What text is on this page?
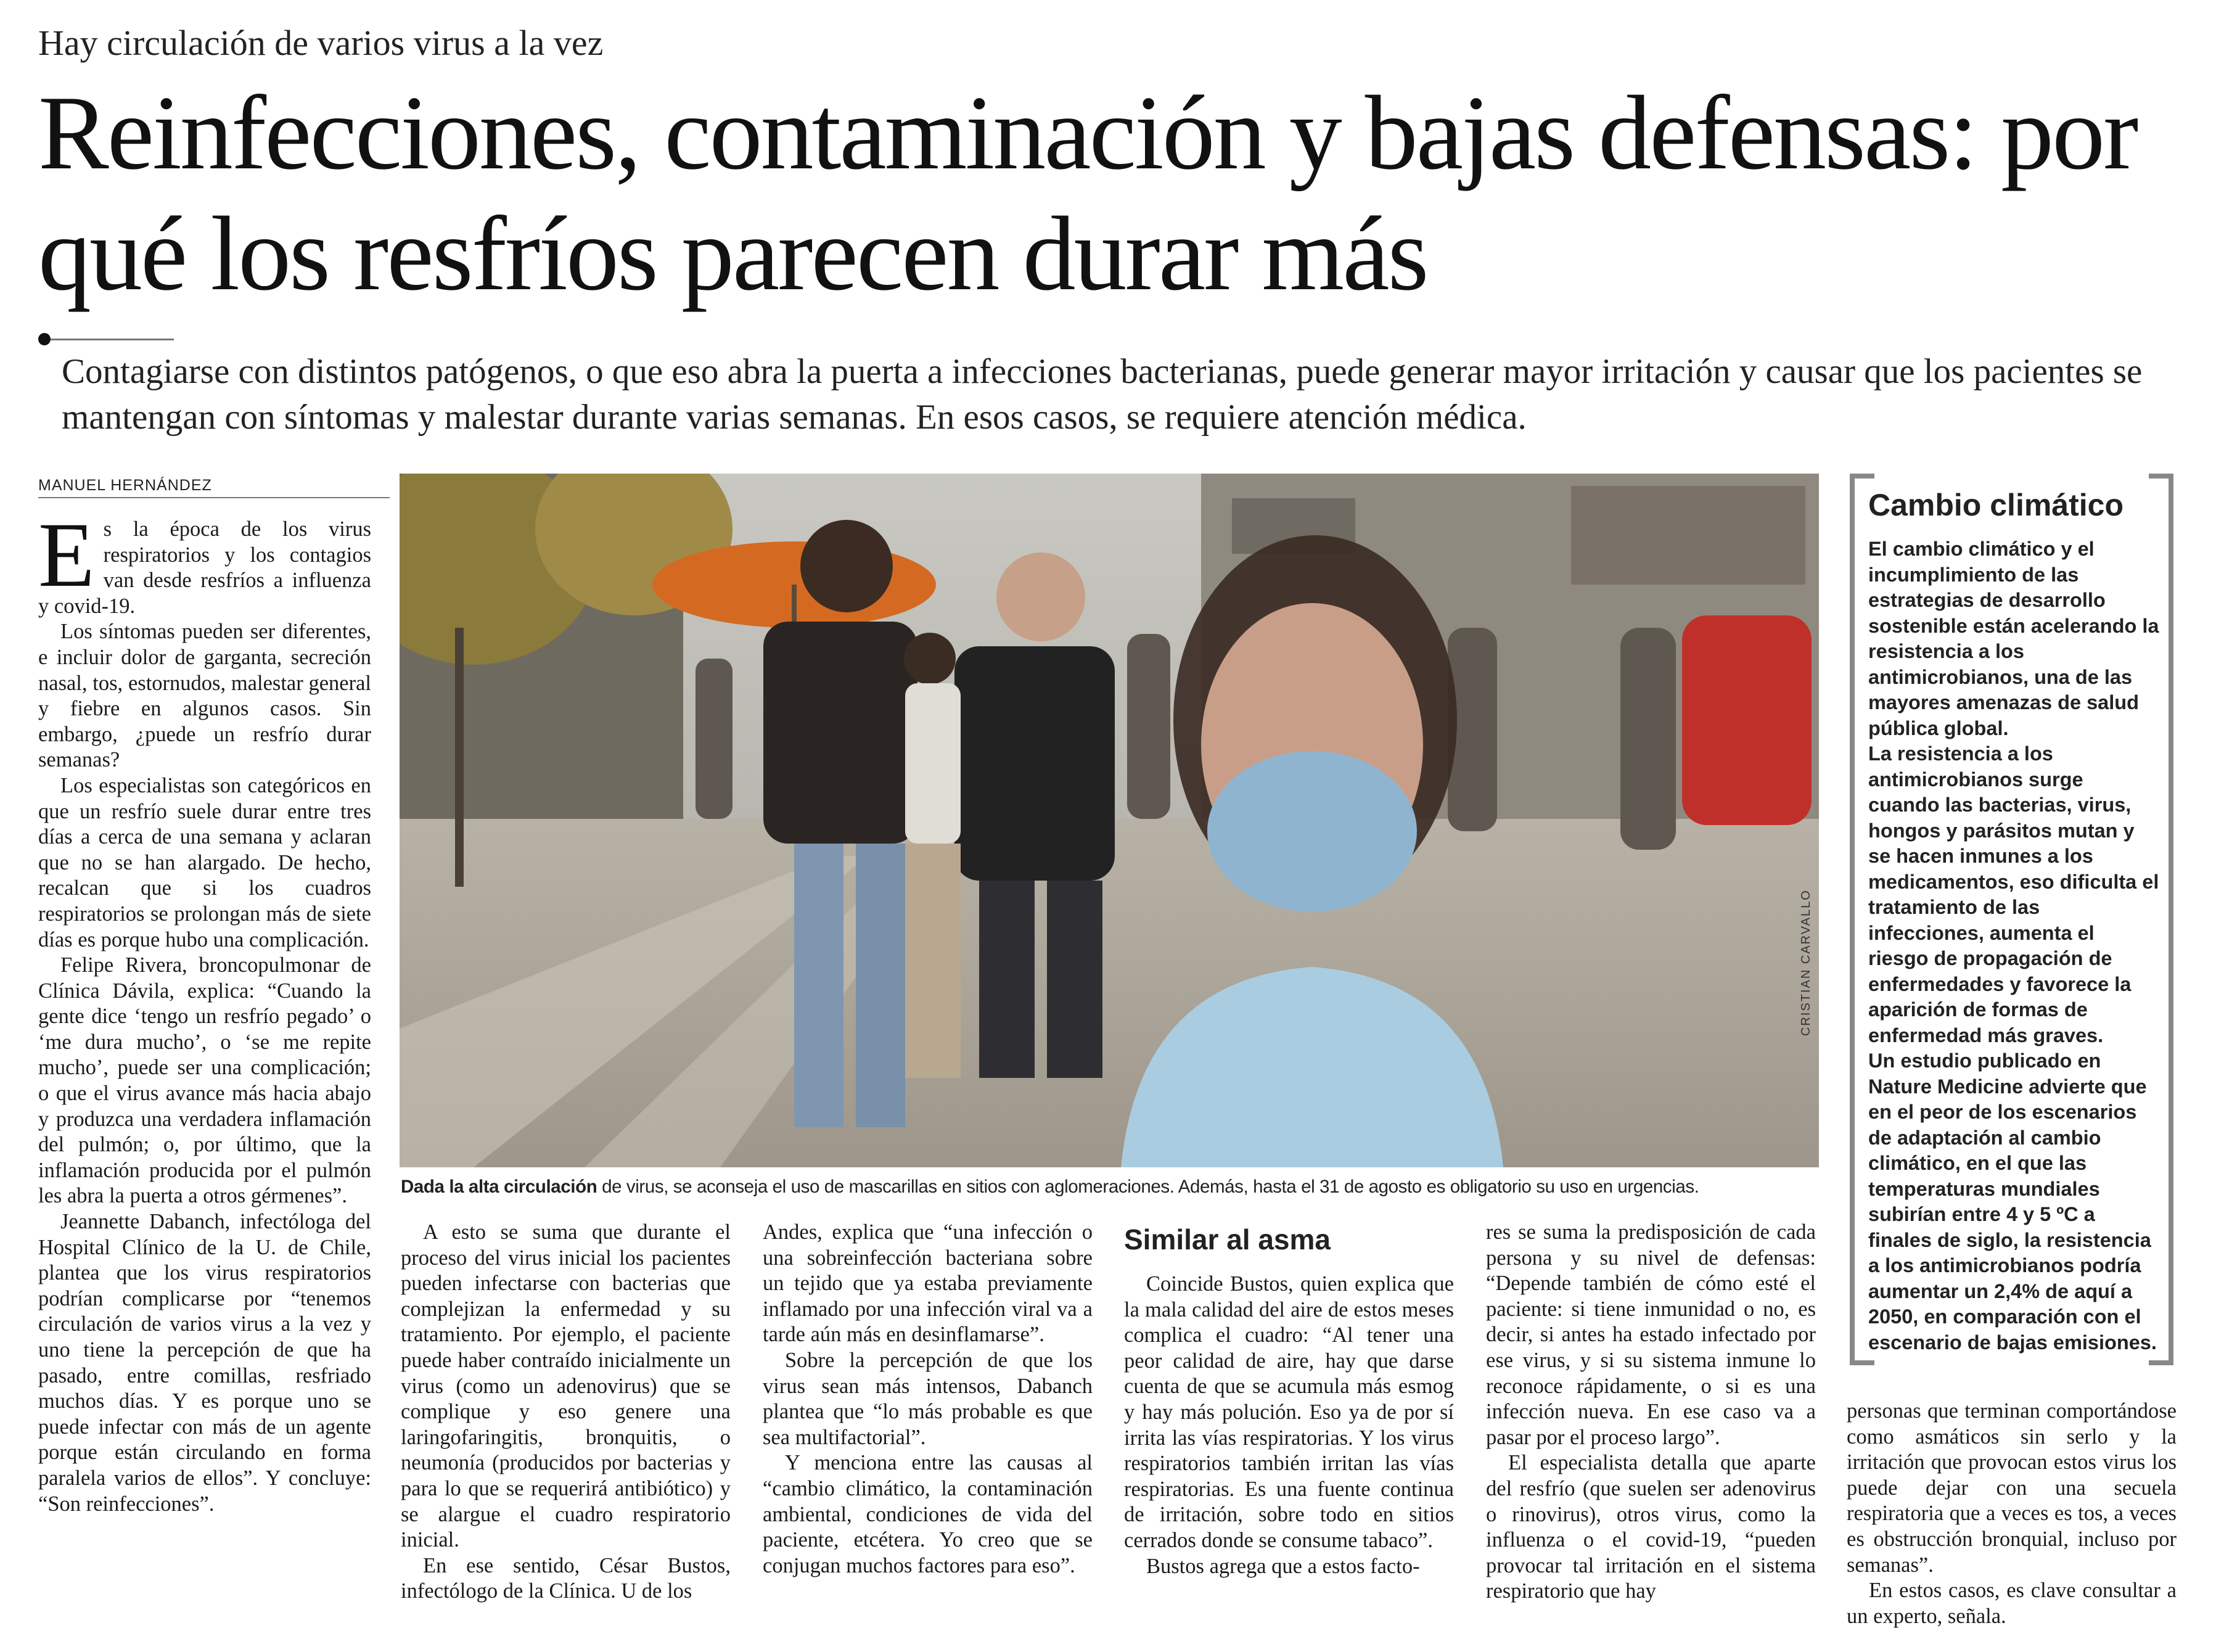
Hay circulación de varios virus a la vez
Reinfecciones, contaminación y bajas defensas: por qué los resfríos parecen durar más
Contagiarse con distintos patógenos, o que eso abra la puerta a infecciones bacterianas, puede generar mayor irritación y causar que los pacientes se mantengan con síntomas y malestar durante varias semanas. En esos casos, se requiere atención médica.
MANUEL HERNÁNDEZ

Es la época de los virus respiratorios y los contagios van desde resfríos a influenza y covid-19.

Los síntomas pueden ser diferentes, e incluir dolor de garganta, secreción nasal, tos, estornudos, malestar general y fiebre en algunos casos. Sin embargo, ¿puede un resfrío durar semanas?

Los especialistas son categóricos en que un resfrío suele durar entre tres días a cerca de una semana y aclaran que no se han alargado. De hecho, recalcan que si los cuadros respiratorios se prolongan más de siete días es porque hubo una complicación.

Felipe Rivera, broncopulmonar de Clínica Dávila, explica: “Cuando la gente dice ‘tengo un resfrío pegado’ o ‘me dura mucho’, o ‘se me repite mucho’, puede ser una complicación; o que el virus avance más hacia abajo y produzca una verdadera inflamación del pulmón; o, por último, que la inflamación producida por el pulmón les abra la puerta a otros gérmenes”.

Jeannette Dabanch, infectóloga del Hospital Clínico de la U. de Chile, plantea que los virus respiratorios podrían complicarse por “tenemos circulación de varios virus a la vez y uno tiene la percepción de que ha pasado, entre comillas, resfriado muchos días. Y es porque uno se puede infectar con más de un agente porque están circulando en forma paralela varios de ellos”. Y concluye: “Son reinfecciones”.

CRISTIAN CARVALLO
Dada la alta circulación de virus, se aconseja el uso de mascarillas en sitios con aglomeraciones. Además, hasta el 31 de agosto es obligatorio su uso en urgencias.

A esto se suma que durante el proceso del virus inicial los pacientes pueden infectarse con bacterias que complejizan la enfermedad y su tratamiento. Por ejemplo, el paciente puede haber contraído inicialmente un virus (como un adenovirus) que se complique y eso genere una laringofaringitis, bronquitis, o neumonía (producidos por bacterias y para lo que se requerirá antibiótico) y se alargue el cuadro respiratorio inicial.

En ese sentido, César Bustos, infectólogo de la Clínica. U de los

Andes, explica que “una infección o una sobreinfección bacteriana sobre un tejido que ya estaba previamente inflamado por una infección viral va a tarde aún más en desinflamarse”.

Sobre la percepción de que los virus sean más intensos, Dabanch plantea que “lo más probable es que sea multifactorial”.

Y menciona entre las causas al “cambio climático, la contaminación ambiental, condiciones de vida del paciente, etcétera. Yo creo que se conjugan muchos factores para eso”.

Similar al asma

Coincide Bustos, quien explica que la mala calidad del aire de estos meses complica el cuadro: “Al tener una peor calidad de aire, hay que darse cuenta de que se acumula más esmog y hay más polución. Eso ya de por sí irrita las vías respiratorias. Y los virus respiratorios también irritan las vías respiratorias. Es una fuente continua de irritación, sobre todo en sitios cerrados donde se consume tabaco”.

Bustos agrega que a estos facto-

res se suma la predisposición de cada persona y su nivel de defensas: “Depende también de cómo esté el paciente: si tiene inmunidad o no, es decir, si antes ha estado infectado por ese virus, y si su sistema inmune lo reconoce rápidamente, o si es una infección nueva. En ese caso va a pasar por el proceso largo”.

El especialista detalla que aparte del resfrío (que suelen ser adenovirus o rinovirus), otros virus, como la influenza o el covid-19, “pueden provocar tal irritación en el sistema respiratorio que hay

Cambio climático

El cambio climático y el incumplimiento de las estrategias de desarrollo sostenible están acelerando la resistencia a los antimicrobianos, una de las mayores amenazas de salud pública global.

La resistencia a los antimicrobianos surge cuando las bacterias, virus, hongos y parásitos mutan y se hacen inmunes a los medicamentos, eso dificulta el tratamiento de las infecciones, aumenta el riesgo de propagación de enfermedades y favorece la aparición de formas de enfermedad más graves.

Un estudio publicado en Nature Medicine advierte que en el peor de los escenarios de adaptación al cambio climático, en el que las temperaturas mundiales subirían entre 4 y 5 ºC a finales de siglo, la resistencia a los antimicrobianos podría aumentar un 2,4% de aquí a 2050, en comparación con el escenario de bajas emisiones.

personas que terminan comportándose como asmáticos sin serlo y la irritación que provocan estos virus los puede dejar con una secuela respiratoria que a veces es tos, a veces es obstrucción bronquial, incluso por semanas”.

En estos casos, es clave consultar a un experto, señala.
